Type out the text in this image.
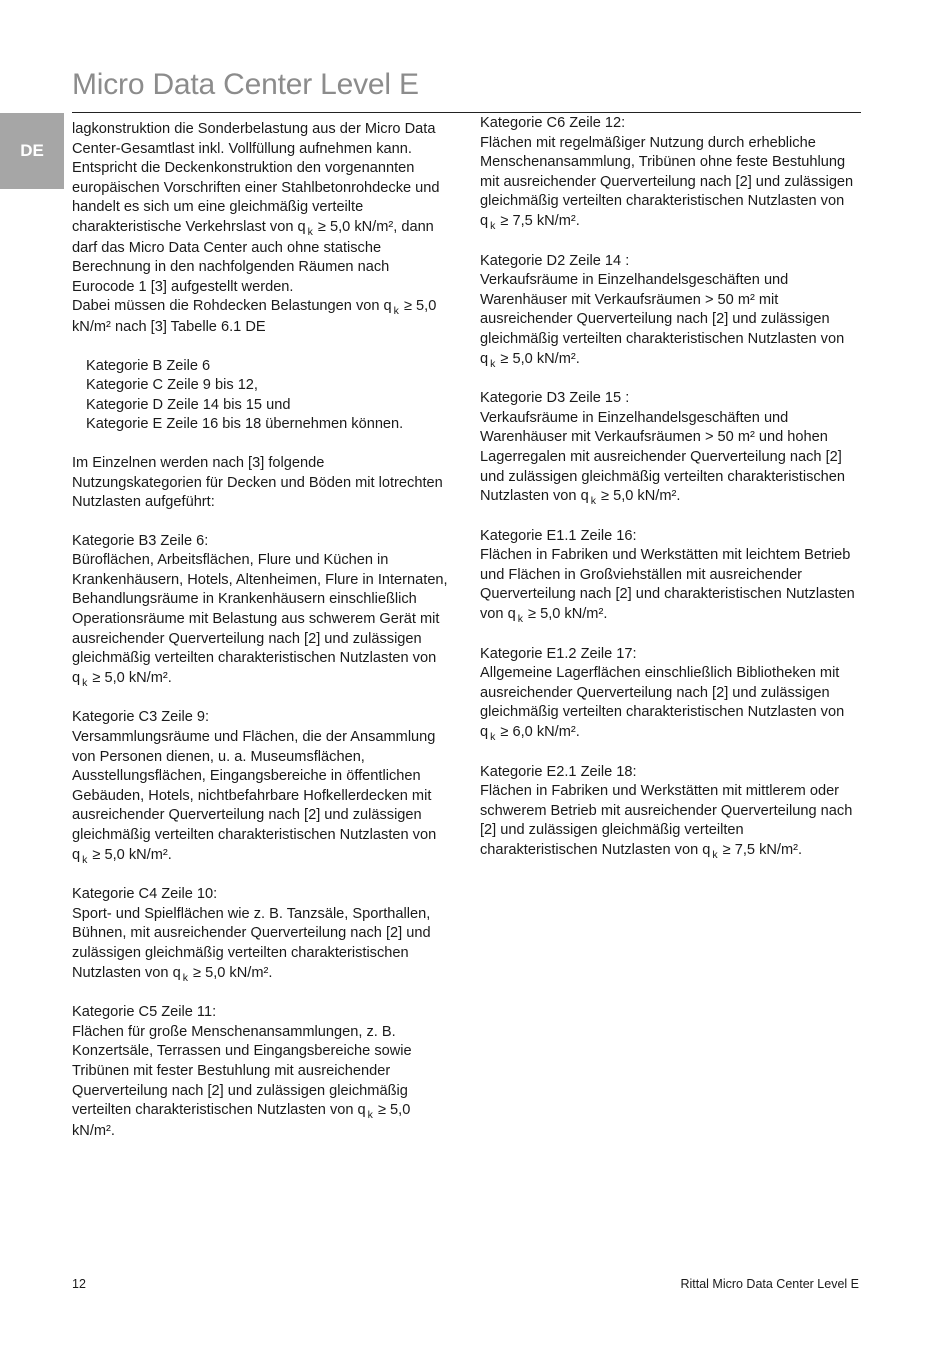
DE
Micro Data Center Level E

lagkonstruktion die Sonderbelastung aus der Micro Data Center-Gesamtlast inkl. Vollfüllung aufnehmen kann.

Entspricht die Deckenkonstruktion den vorgenannten europäischen Vorschriften einer Stahlbetonrohdecke und handelt es sich um eine gleichmäßig verteilte charakteristische Verkehrslast von q $_k$ ≥ 5,0 kN/m², dann darf das Micro Data Center auch ohne statische Berechnung in den nachfolgenden Räumen nach Eurocode 1 [3] aufgestellt werden.

Dabei müssen die Rohdecken Belastungen von q $_k$ ≥ 5,0 kN/m² nach [3] Tabelle 6.1 DE

Kategorie B Zeile 6

Kategorie C Zeile 9 bis 12,

Kategorie D Zeile 14 bis 15 und

Kategorie E Zeile 16 bis 18 übernehmen können.

Im Einzelnen werden nach [3] folgende Nutzungskategorien für Decken und Böden mit lotrechten Nutzlasten aufgeführt:

Kategorie B3 Zeile 6:

Büroflächen, Arbeitsflächen, Flure und Küchen in Krankenhäusern, Hotels, Altenheimen, Flure in Internaten, Behandlungsräume in Krankenhäusern einschließlich Operationsräume mit Belastung aus schwerem Gerät mit ausreichender Querverteilung nach [2] und zulässigen gleichmäßig verteilten charakteristischen Nutzlasten von q $_k$ ≥ 5,0 kN/m².

Kategorie C3 Zeile 9:

Versammlungsräume und Flächen, die der Ansammlung von Personen dienen, u. a. Museumsflächen, Ausstellungsflächen, Eingangsbereiche in öffentlichen Gebäuden, Hotels, nichtbefahrbare Hofkellerdecken mit ausreichender Querverteilung nach [2] und zulässigen gleichmäßig verteilten charakteristischen Nutzlasten von

q $_k$ ≥ 5,0 kN/m².

Kategorie C4 Zeile 10:

Sport- und Spielflächen wie z. B. Tanzsäle, Sporthallen, Bühnen, mit ausreichender Querverteilung nach [2] und zulässigen gleichmäßig verteilten charakteristischen Nutzlasten von q $_k$ ≥ 5,0 kN/m².

Kategorie C5 Zeile 11:

Flächen für große Menschenansammlungen, z. B. Konzertsäle, Terrassen und Eingangsbereiche sowie Tribünen mit fester Bestuhlung mit ausreichender Querverteilung nach [2] und zulässigen gleichmäßig verteilten charakteristischen Nutzlasten von q $_k$ ≥ 5,0 kN/m².

Kategorie C6 Zeile 12:

Flächen mit regelmäßiger Nutzung durch erhebliche Menschenansammlung, Tribünen ohne feste Bestuhlung mit ausreichender Querverteilung nach [2] und zulässigen gleichmäßig verteilten charakteristischen Nutzlasten von q $_k$ ≥ 7,5 kN/m².

Kategorie D2 Zeile 14 :

Verkaufsräume in Einzelhandelsgeschäften und Warenhäuser mit Verkaufsräumen > 50 m² mit ausreichender Querverteilung nach [2] und zulässigen gleichmäßig verteilten charakteristischen Nutzlasten von

q $_k$ ≥ 5,0 kN/m².

Kategorie D3 Zeile 15 :

Verkaufsräume in Einzelhandelsgeschäften und Warenhäuser mit Verkaufsräumen > 50 m² und hohen Lagerregalen mit ausreichender Querverteilung nach [2] und zulässigen gleichmäßig verteilten charakteristischen Nutzlasten von q $_k$ ≥ 5,0 kN/m².

Kategorie E1.1 Zeile 16:

Flächen in Fabriken und Werkstätten mit leichtem Betrieb und Flächen in Großviehställen mit ausreichender Querverteilung nach [2] und charakteristischen Nutzlasten von q $_k$ ≥ 5,0 kN/m².

Kategorie E1.2 Zeile 17:

Allgemeine Lagerflächen einschließlich Bibliotheken mit ausreichender Querverteilung nach [2] und zulässigen gleichmäßig verteilten charakteristischen Nutzlasten von q $_k$ ≥ 6,0 kN/m².

Kategorie E2.1 Zeile 18:

Flächen in Fabriken und Werkstätten mit mittlerem oder schwerem Betrieb mit ausreichender Querverteilung nach [2] und zulässigen gleichmäßig verteilten charakteristischen Nutzlasten von q $_k$ ≥ 7,5 kN/m².

12	Rittal Micro Data Center Level E
